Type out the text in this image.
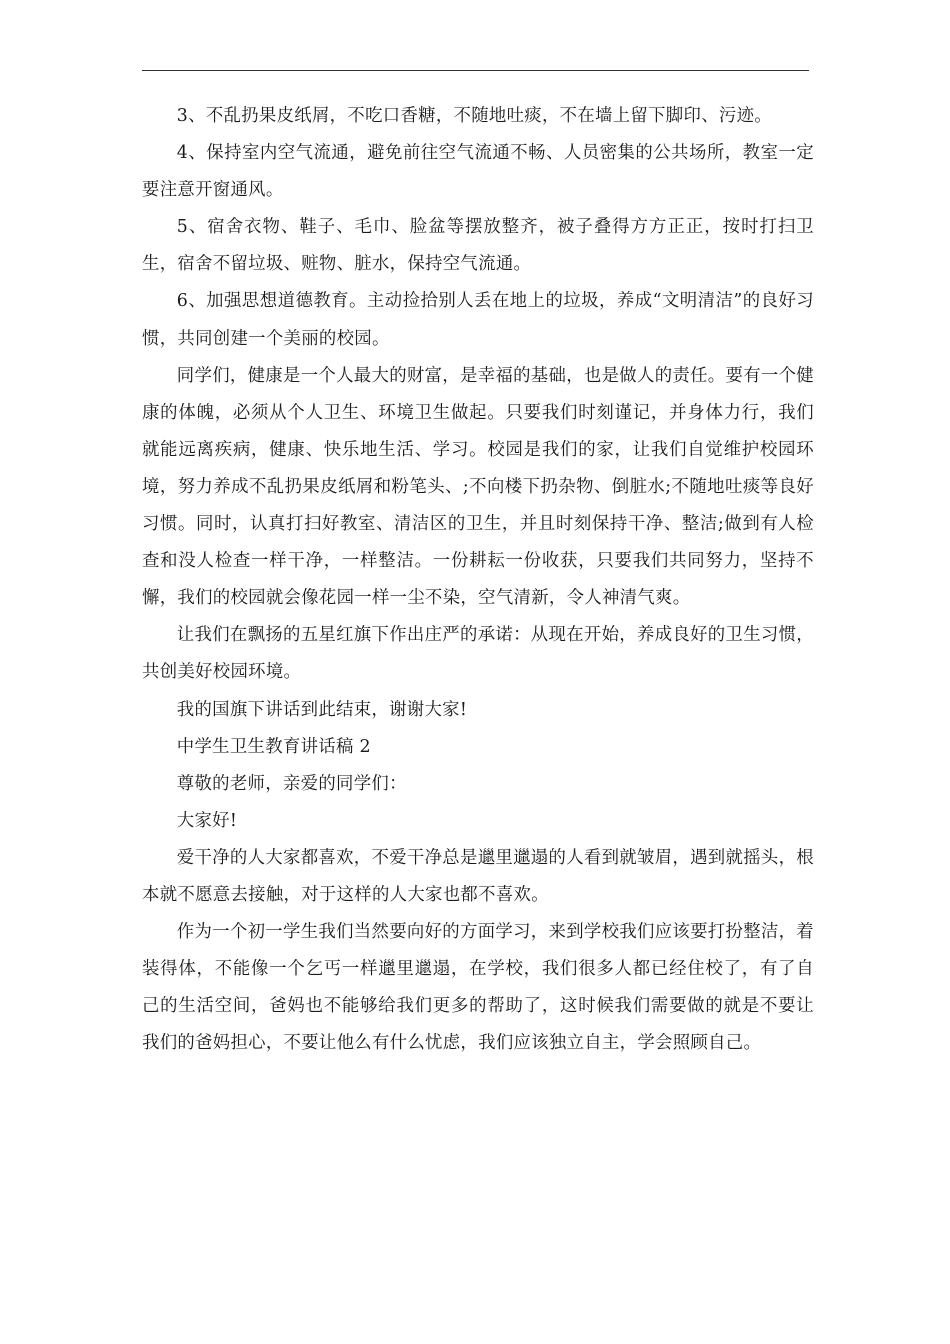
3、不乱扔果皮纸屑，不吃口香糖，不随地吐痰，不在墙上留下脚印、污迹。

4、保持室内空气流通，避免前往空气流通不畅、人员密集的公共场所，教室一定要注意开窗通风。

5、宿舍衣物、鞋子、毛巾、脸盆等摆放整齐，被子叠得方方正正，按时打扫卫生，宿舍不留垃圾、赃物、脏水，保持空气流通。

6、加强思想道德教育。主动捡拾别人丢在地上的垃圾，养成“文明清洁”的良好习惯，共同创建一个美丽的校园。

同学们，健康是一个人最大的财富，是幸福的基础，也是做人的责任。要有一个健康的体魄，必须从个人卫生、环境卫生做起。只要我们时刻谨记，并身体力行，我们就能远离疾病，健康、快乐地生活、学习。校园是我们的家，让我们自觉维护校园环境，努力养成不乱扔果皮纸屑和粉笔头、;不向楼下扔杂物、倒脏水;不随地吐痰等良好习惯。同时，认真打扫好教室、清洁区的卫生，并且时刻保持干净、整洁;做到有人检查和没人检查一样干净，一样整洁。一份耕耘一份收获，只要我们共同努力，坚持不懈，我们的校园就会像花园一样一尘不染，空气清新，令人神清气爽。

让我们在飘扬的五星红旗下作出庄严的承诺：从现在开始，养成良好的卫生习惯，共创美好校园环境。

我的国旗下讲话到此结束，谢谢大家!

中学生卫生教育讲话稿 2

尊敬的老师，亲爱的同学们：

大家好!

爱干净的人大家都喜欢，不爱干净总是邋里邋遢的人看到就皱眉，遇到就摇头，根本就不愿意去接触，对于这样的人大家也都不喜欢。

作为一个初一学生我们当然要向好的方面学习，来到学校我们应该要打扮整洁，着装得体，不能像一个乞丐一样邋里邋遢，在学校，我们很多人都已经住校了，有了自己的生活空间，爸妈也不能够给我们更多的帮助了，这时候我们需要做的就是不要让我们的爸妈担心，不要让他么有什么忧虑，我们应该独立自主，学会照顾自己。
